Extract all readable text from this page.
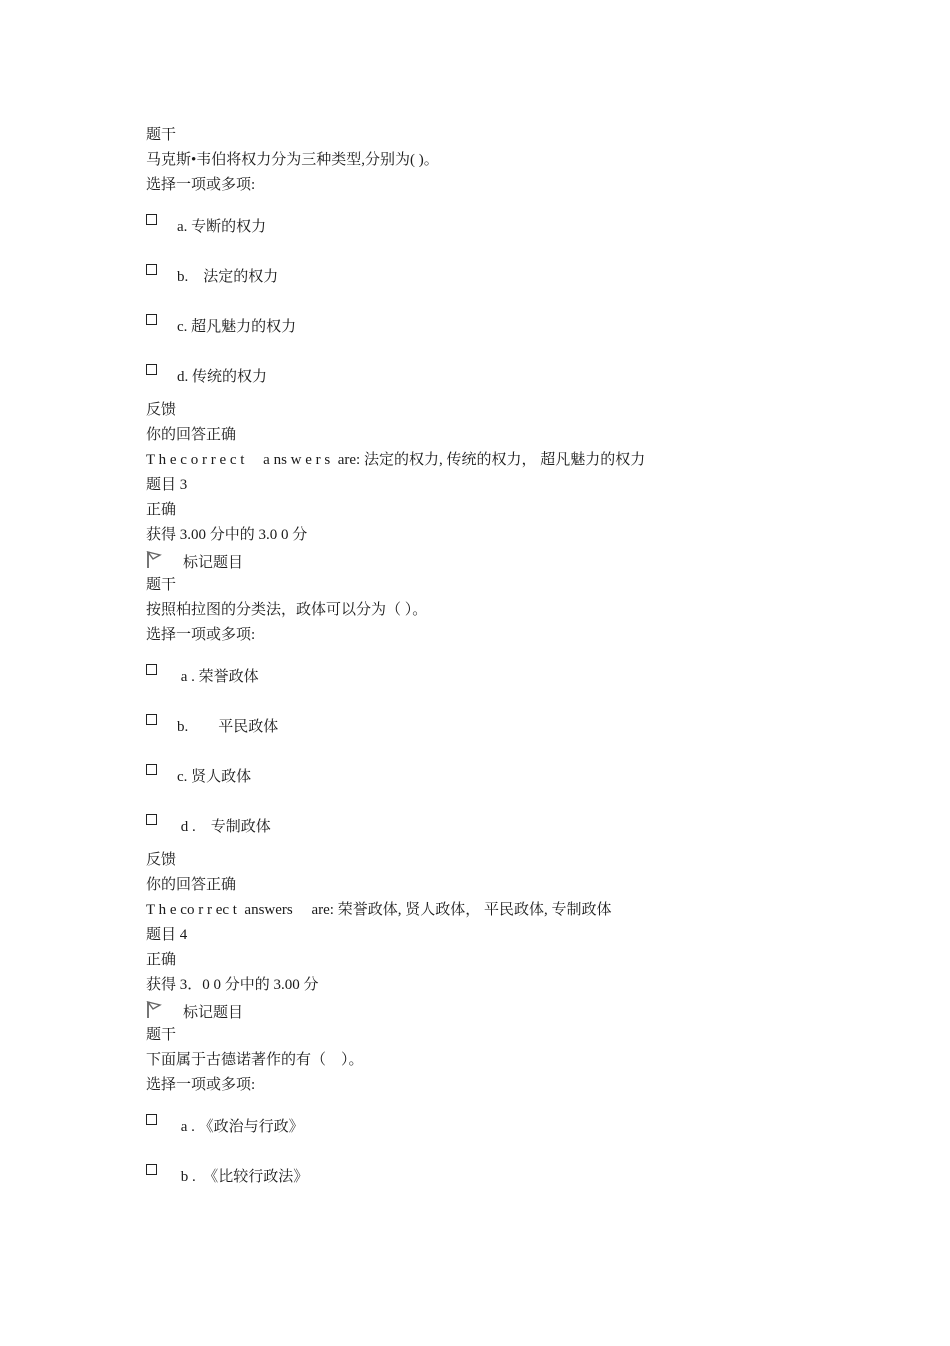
题干
马克斯•韦伯将权力分为三种类型,分别为( )。
选择一项或多项:
a. 专断的权力
b.　法定的权力
c. 超凡魅力的权力
d. 传统的权力
反馈
你的回答正确
T h e c o r r e c t 　a ns w e r s  are: 法定的权力, 传统的权力， 超凡魅力的权力
题目 3
正确
获得 3.00 分中的 3.0 0 分
标记题目
题干
按照柏拉图的分类法，政体可以分为（ ）。
选择一项或多项:
a . 荣誉政体
b.　　平民政体
c. 贤人政体
d .　专制政体
反馈
你的回答正确
T h e co r r ec t  answers 　are: 荣誉政体, 贤人政体， 平民政体, 专制政体
题目 4
正确
获得 3．0 0 分中的 3.00 分
标记题目
题干
下面属于古德诺著作的有（　）。
选择一项或多项:
a . 《政治与行政》
b .　《比较行政法》
